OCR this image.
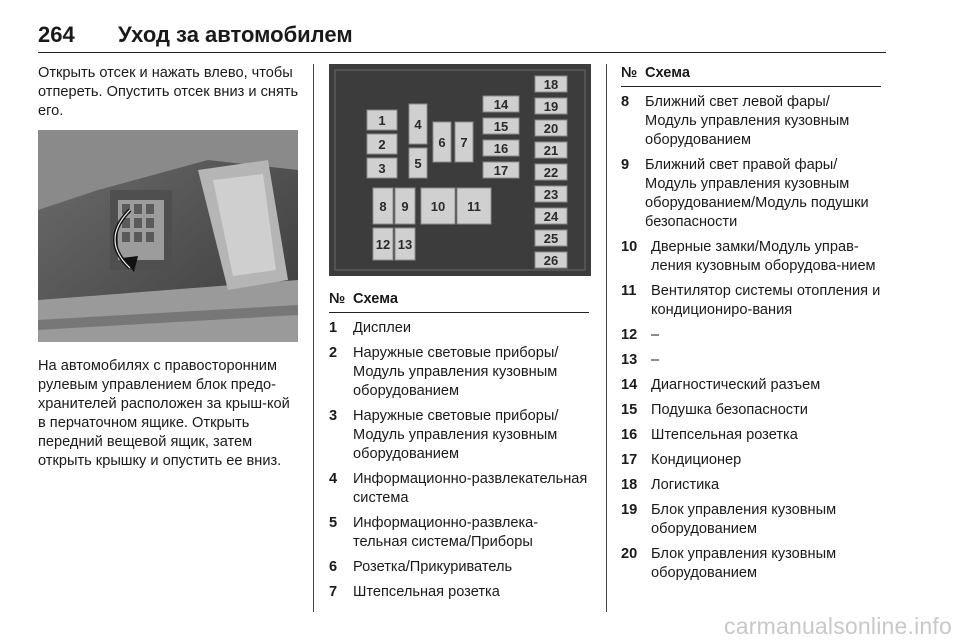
264 Уход за автомобилем

Открыть отсек и нажать влево, чтобы отпереть. Опустить отсек вниз и снять его.

На автомобилях с правосторонним рулевым управлением блок предо-хранителей расположен за крыш-кой в перчаточном ящике. Открыть передний вещевой ящик, затем открыть крышку и опустить ее вниз.

1
2
3
4
5
6 7
8 9 10 11
12 13
14
15
16
17
18
19
20
21
22
23
24
25
26
№ Схема
1 Дисплеи
2 Наружные световые приборы/ Модуль управления кузовным оборудованием
3 Наружные световые приборы/ Модуль управления кузовным оборудованием
4 Информационно-развлекательная система
5 Информационно-развлека-тельная система/Приборы
6 Розетка/Прикуриватель
7 Штепсельная розетка
№ Схема
8 Ближний свет левой фары/ Модуль управления кузовным оборудованием
9 Ближний свет правой фары/ Модуль управления кузовным оборудованием/Модуль подушки безопасности
10 Дверные замки/Модуль управ-ления кузовным оборудова-нием
11 Вентилятор системы отопления и кондициониро-вания
12 –
13 –
14 Диагностический разъем
15 Подушка безопасности
16 Штепсельная розетка
17 Кондиционер
18 Логистика
19 Блок управления кузовным оборудованием
20 Блок управления кузовным оборудованием
carmanualsonline.info
